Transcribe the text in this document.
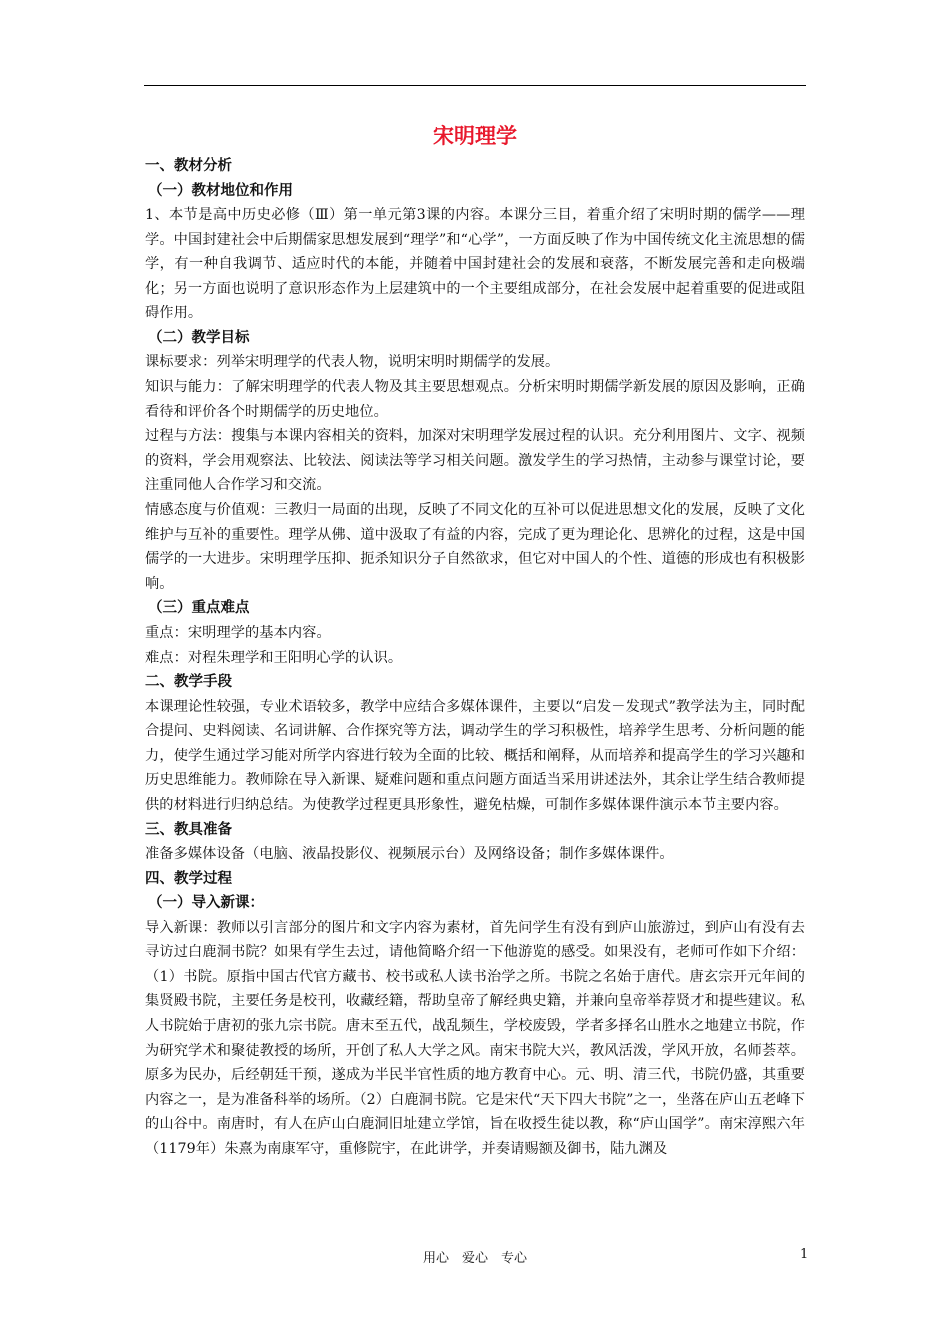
宋明理学
一、教材分析
（一）教材地位和作用

1、本节是高中历史必修（Ⅲ）第一单元第3课的内容。本课分三目，着重介绍了宋明时期的儒学——理学。中国封建社会中后期儒家思想发展到“理学”和“心学”，一方面反映了作为中国传统文化主流思想的儒学，有一种自我调节、适应时代的本能，并随着中国封建社会的发展和衰落，不断发展完善和走向极端化；另一方面也说明了意识形态作为上层建筑中的一个主要组成部分，在社会发展中起着重要的促进或阻碍作用。

（二）教学目标

课标要求：列举宋明理学的代表人物，说明宋明时期儒学的发展。

知识与能力：了解宋明理学的代表人物及其主要思想观点。分析宋明时期儒学新发展的原因及影响，正确看待和评价各个时期儒学的历史地位。

过程与方法：搜集与本课内容相关的资料，加深对宋明理学发展过程的认识。充分利用图片、文字、视频的资料，学会用观察法、比较法、阅读法等学习相关问题。激发学生的学习热情，主动参与课堂讨论，要注重同他人合作学习和交流。

情感态度与价值观：三教归一局面的出现，反映了不同文化的互补可以促进思想文化的发展，反映了文化维护与互补的重要性。理学从佛、道中汲取了有益的内容，完成了更为理论化、思辨化的过程，这是中国儒学的一大进步。宋明理学压抑、扼杀知识分子自然欲求，但它对中国人的个性、道德的形成也有积极影响。

（三）重点难点

重点：宋明理学的基本内容。

难点：对程朱理学和王阳明心学的认识。

二、教学手段

本课理论性较强，专业术语较多，教学中应结合多媒体课件，主要以“启发－发现式”教学法为主，同时配合提问、史料阅读、名词讲解、合作探究等方法，调动学生的学习积极性，培养学生思考、分析问题的能力，使学生通过学习能对所学内容进行较为全面的比较、概括和阐释，从而培养和提高学生的学习兴趣和历史思维能力。教师除在导入新课、疑难问题和重点问题方面适当采用讲述法外，其余让学生结合教师提供的材料进行归纳总结。为使教学过程更具形象性，避免枯燥，可制作多媒体课件演示本节主要内容。

三、教具准备

准备多媒体设备（电脑、液晶投影仪、视频展示台）及网络设备；制作多媒体课件。

四、教学过程
（一）导入新课：

导入新课：教师以引言部分的图片和文字内容为素材，首先问学生有没有到庐山旅游过，到庐山有没有去寻访过白鹿洞书院？如果有学生去过，请他简略介绍一下他游览的感受。如果没有，老师可作如下介绍：（1）书院。原指中国古代官方藏书、校书或私人读书治学之所。书院之名始于唐代。唐玄宗开元年间的集贤殿书院，主要任务是校刊，收藏经籍，帮助皇帝了解经典史籍，并兼向皇帝举荐贤才和提些建议。私人书院始于唐初的张九宗书院。唐末至五代，战乱频生，学校废毁，学者多择名山胜水之地建立书院，作为研究学术和聚徒教授的场所，开创了私人大学之风。南宋书院大兴，教风活泼，学风开放，名师荟萃。原多为民办，后经朝廷干预，遂成为半民半官性质的地方教育中心。元、明、清三代，书院仍盛，其重要内容之一，是为准备科举的场所。（2）白鹿洞书院。它是宋代“天下四大书院”之一，坐落在庐山五老峰下的山谷中。南唐时，有人在庐山白鹿洞旧址建立学馆，旨在收授生徒以教，称“庐山国学”。南宋淳熙六年（1179年）朱熹为南康军守，重修院宇，在此讲学，并奏请赐额及御书，陆九渊及

用心　爱心　专心	1
